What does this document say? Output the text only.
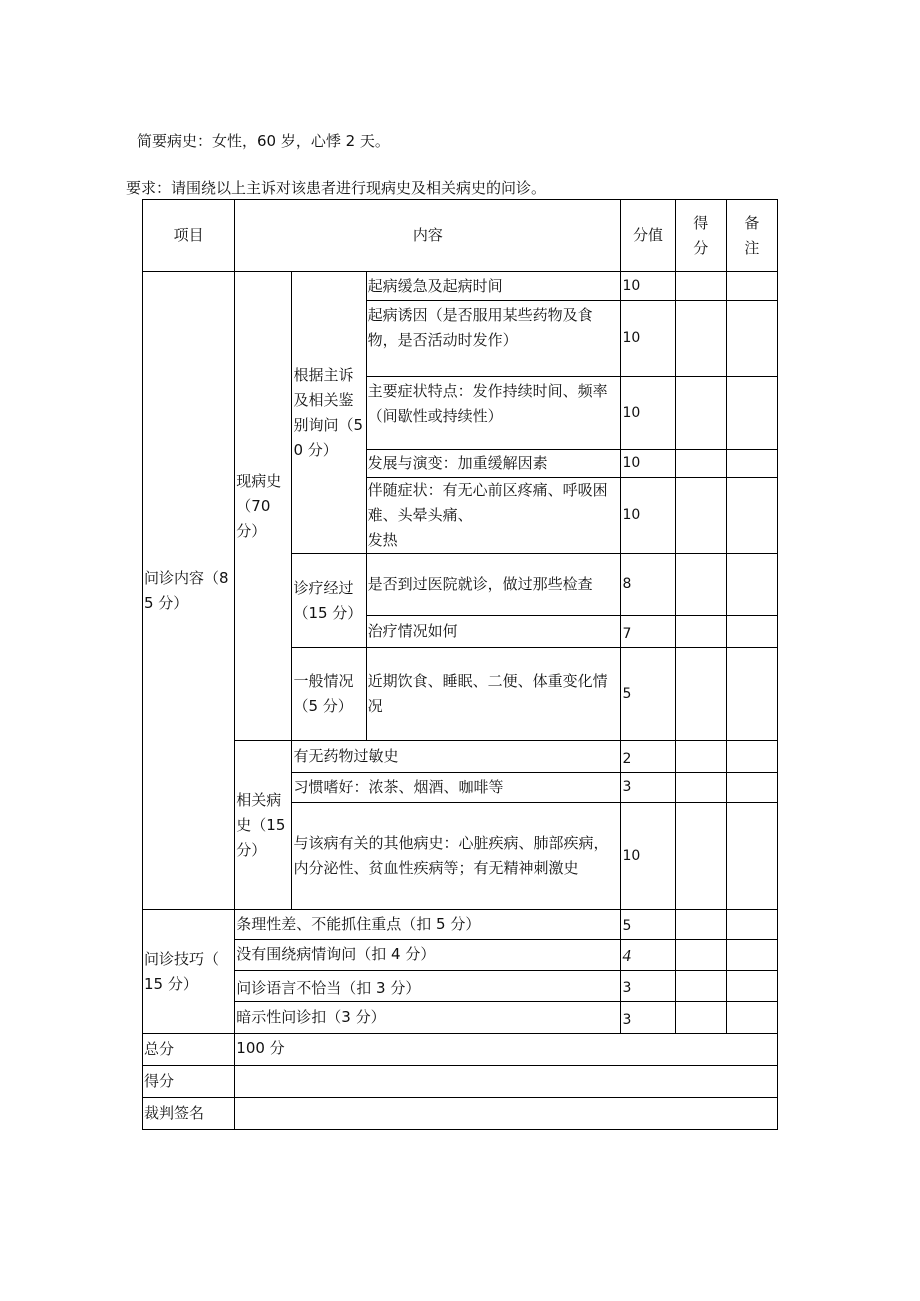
简要病史：女性，60 岁，心悸 2 天。
要求：请围绕以上主诉对该患者进行现病史及相关病史的问诊。
项目	内容			分值	得分	备注

问诊内容（85 分）	现病史（70 分）	根据主诉及相关鉴别询问（50 分）	起病缓急及起病时间	10		
			起病诱因（是否服用某些药物及食物，是否活动时发作）	10		
			主要症状特点：发作持续时间、频率（间歇性或持续性）	10		
			发展与演变：加重缓解因素	10		
			伴随症状：有无心前区疼痛、呼吸困难、头晕头痛、
发热	10		
		诊疗经过（15 分）	是否到过医院就诊，做过那些检查	8		
			治疗情况如何	7		
		一般情况（5 分）	近期饮食、睡眠、二便、体重变化情况	5		
	相关病史（15 分）	有无药物过敏史		2		
		习惯嗜好：浓茶、烟酒、咖啡等		3		
		与该病有关的其他病史：心脏疾病、肺部疾病，内分泌性、贫血性疾病等；有无精神刺激史		10		
问诊技巧（ 15 分）	条理性差、不能抓住重点（扣 5 分）			5		
	没有围绕病情询问（扣 4 分）			4		
	问诊语言不恰当（扣 3 分）			3		
	暗示性问诊扣（3 分）			3		
总分	100 分					
得分						
裁判签名						
